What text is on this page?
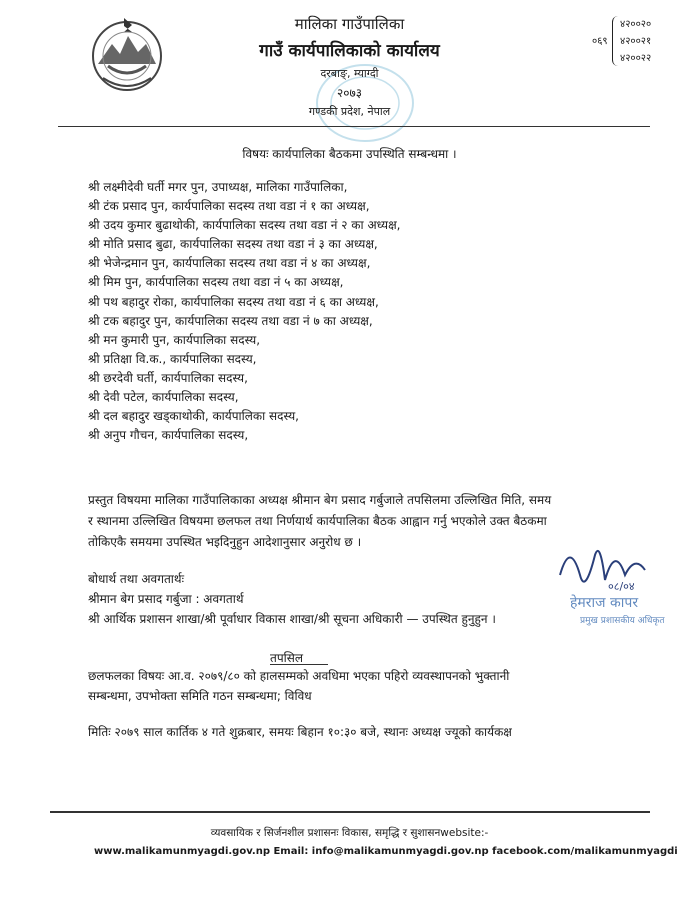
मालिका गाउँपालिका
गाउँ कार्यपालिकाको कार्यालय
दरबाङ्, म्याग्दी
२०७३
गण्डकी प्रदेश, नेपाल
०६९
४२००२०
४२००२१
४२००२२
विषयः कार्यपालिका बैठकमा उपस्थिति सम्बन्धमा ।
श्री लक्ष्मीदेवी घर्ती मगर पुन, उपाध्यक्ष, मालिका गाउँपालिका,
श्री टंक प्रसाद पुन, कार्यपालिका सदस्य तथा वडा नं १ का अध्यक्ष,
श्री उदय कुमार बुढाथोकी, कार्यपालिका सदस्य तथा वडा नं २ का अध्यक्ष,
श्री मोति प्रसाद बुढा, कार्यपालिका सदस्य तथा वडा नं ३ का अध्यक्ष,
श्री भेजेन्द्रमान पुन, कार्यपालिका सदस्य तथा वडा नं ४ का अध्यक्ष,
श्री मिम पुन, कार्यपालिका सदस्य तथा वडा नं ५ का अध्यक्ष,
श्री पथ बहादुर रोका, कार्यपालिका सदस्य तथा वडा नं ६ का अध्यक्ष,
श्री टक बहादुर पुन, कार्यपालिका सदस्य तथा वडा नं ७ का अध्यक्ष,
श्री मन कुमारी पुन, कार्यपालिका सदस्य,
श्री प्रतिक्षा वि.क., कार्यपालिका सदस्य,
श्री छरदेवी घर्ती, कार्यपालिका सदस्य,
श्री देवी पटेल, कार्यपालिका सदस्य,
श्री दल बहादुर खड्काथोकी, कार्यपालिका सदस्य,
श्री अनुप गौचन, कार्यपालिका सदस्य,
प्रस्तुत विषयमा मालिका गाउँपालिकाका अध्यक्ष श्रीमान बेग प्रसाद गर्बुजाले तपसिलमा उल्लिखित मिति, समय
र स्थानमा उल्लिखित विषयमा छलफल तथा निर्णयार्थ कार्यपालिका बैठक आह्वान गर्नु भएकोले उक्त बैठकमा
तोकिएकै समयमा उपस्थित भइदिनुहुन आदेशानुसार अनुरोध छ ।
बोधार्थ तथा अवगतार्थः
श्रीमान बेग प्रसाद गर्बुजा : अवगतार्थ
श्री आर्थिक प्रशासन शाखा/श्री पूर्वाधार विकास शाखा/श्री सूचना अधिकारी — उपस्थित हुनुहुन ।
०८/०४
हेमराज कापर
प्रमुख प्रशासकीय अधिकृत
तपसिल
छलफलका विषयः आ.व. २०७९/८० को हालसम्मको अवधिमा भएका पहिरो व्यवस्थापनको भुक्तानी
सम्बन्धमा, उपभोक्ता समिति गठन सम्बन्धमा; विविध
मितिः २०७९ साल कार्तिक ४ गते शुक्रबार, समयः बिहान १०:३० बजे, स्थानः अध्यक्ष ज्यूको कार्यकक्ष
व्यवसायिक र सिर्जनशील प्रशासनः विकास, समृद्धि र सुशासनwebsite:-
www.malikamunmyagdi.gov.np Email: info@malikamunmyagdi.gov.np facebook.com/malikamunmyagdi
